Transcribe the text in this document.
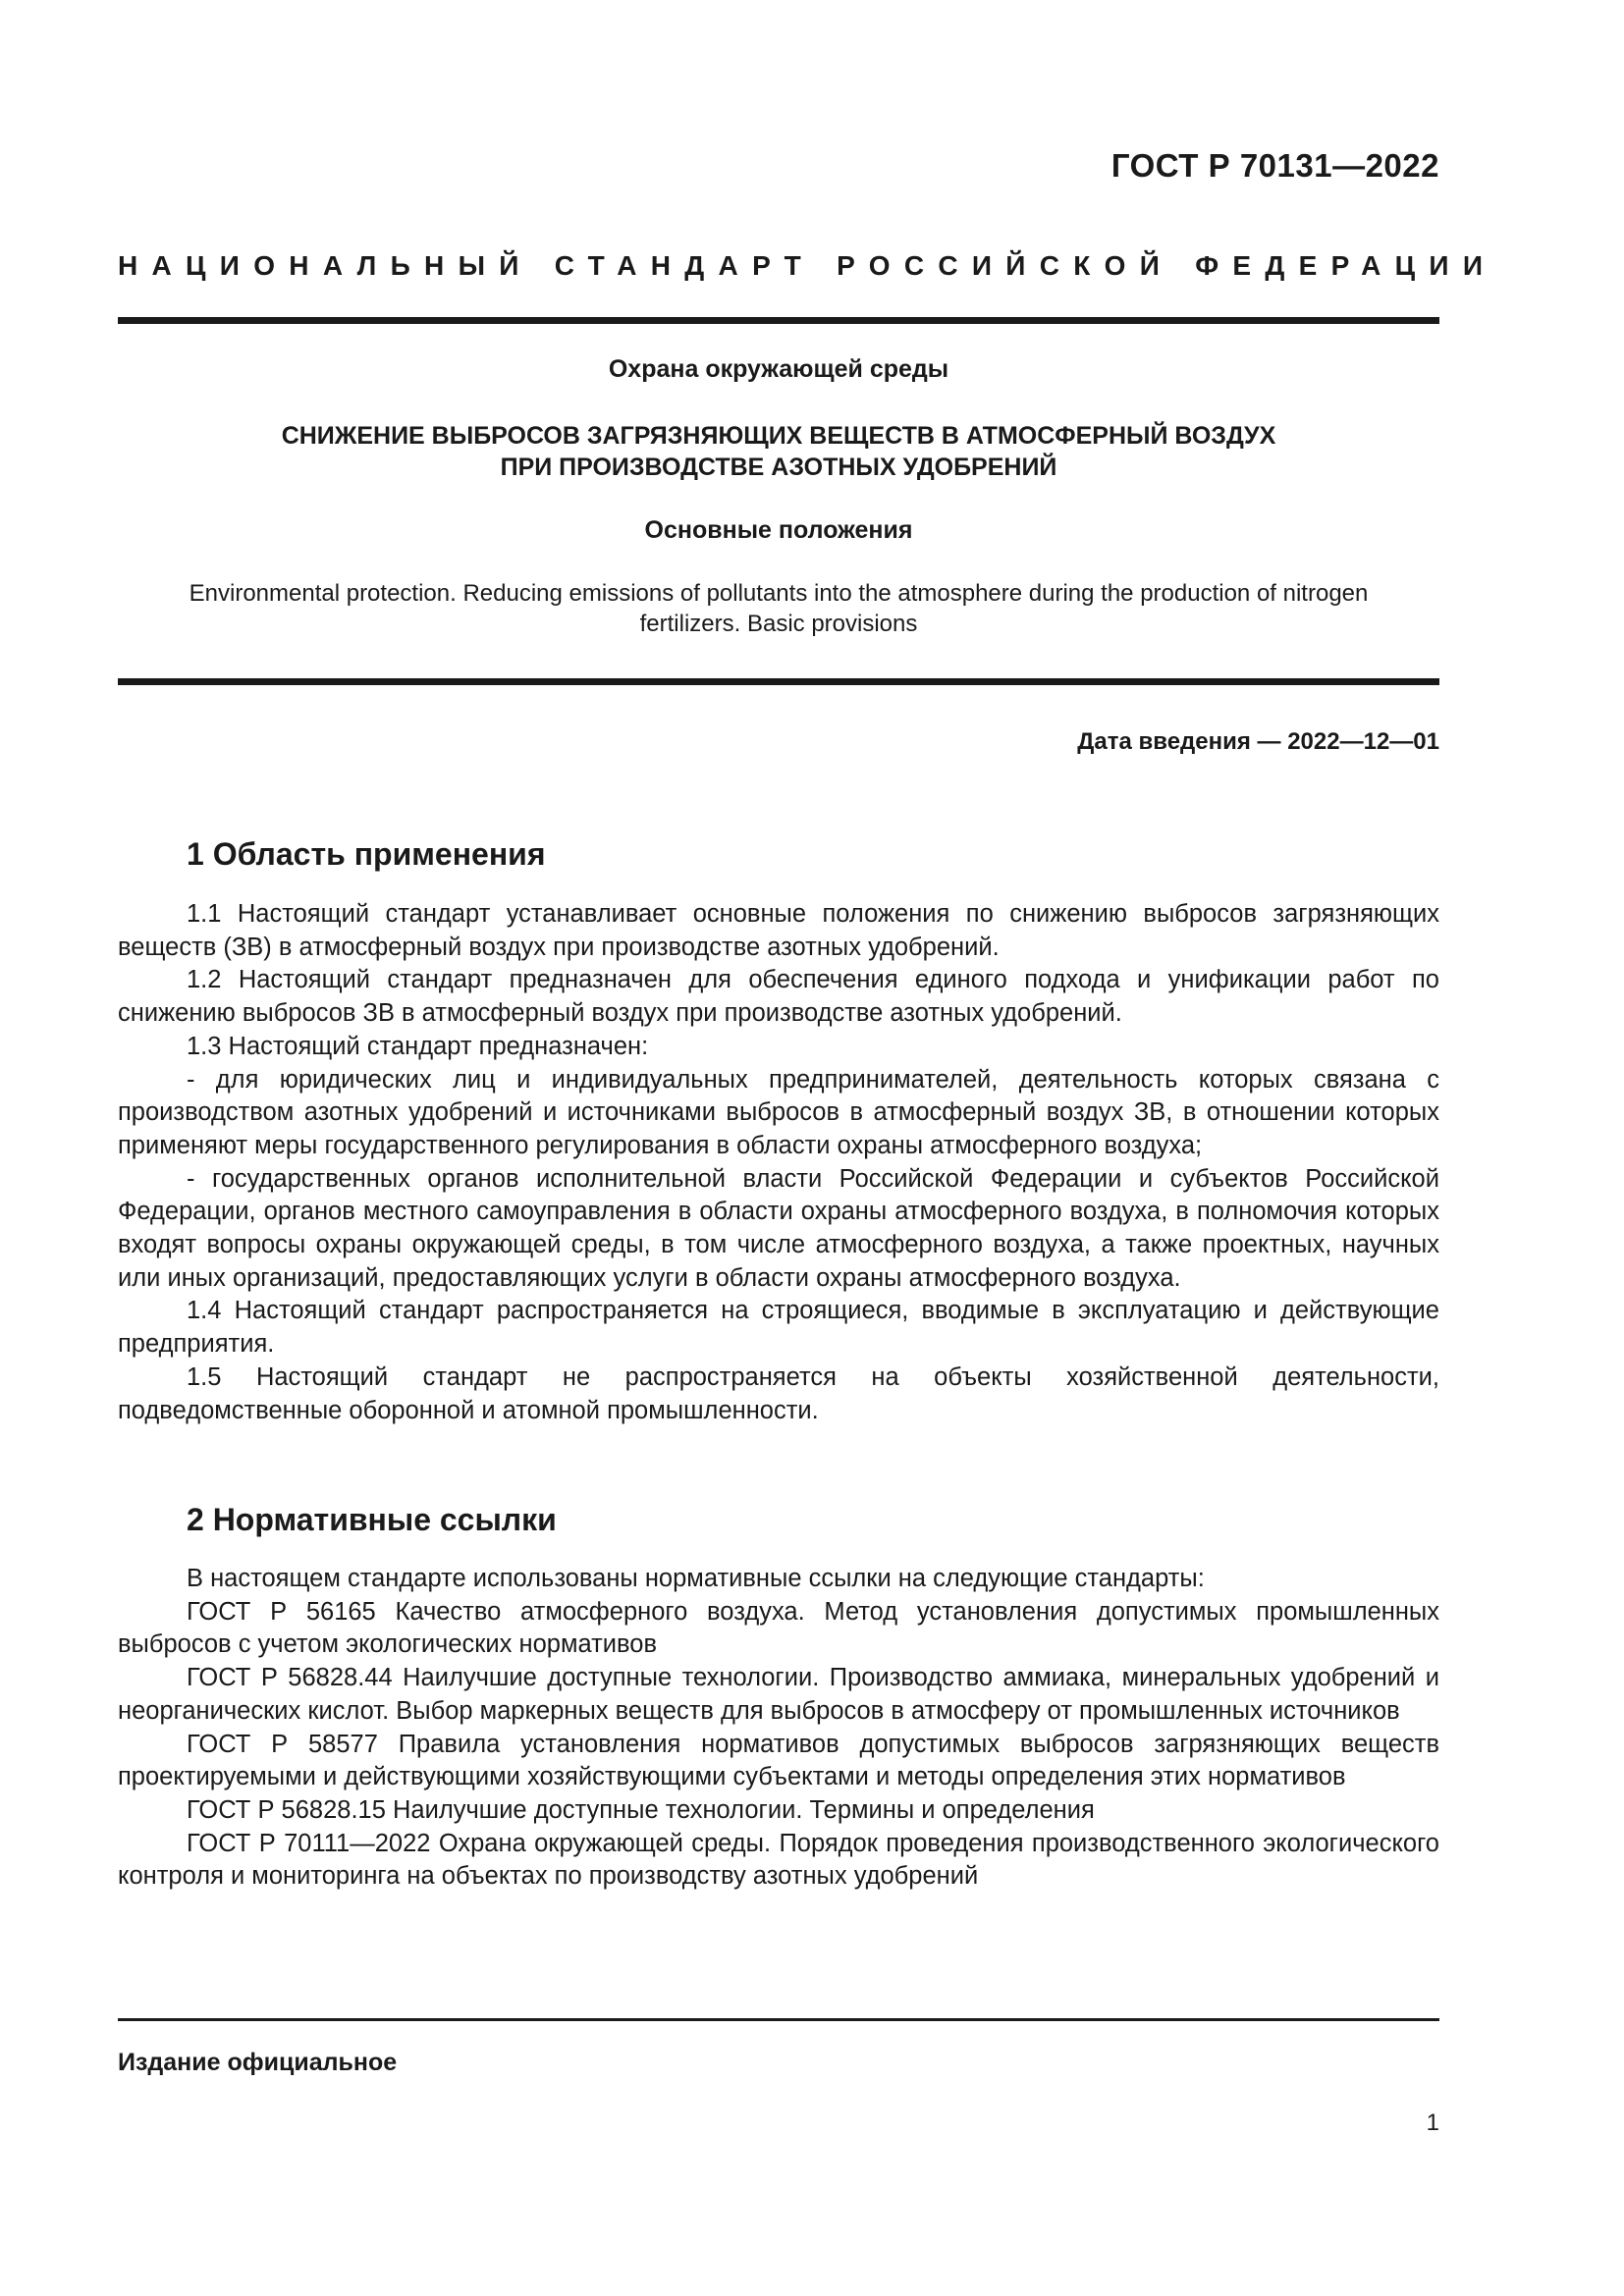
ГОСТ Р 70131—2022
НАЦИОНАЛЬНЫЙ СТАНДАРТ РОССИЙСКОЙ ФЕДЕРАЦИИ
Охрана окружающей среды
СНИЖЕНИЕ ВЫБРОСОВ ЗАГРЯЗНЯЮЩИХ ВЕЩЕСТВ В АТМОСФЕРНЫЙ ВОЗДУХ
ПРИ ПРОИЗВОДСТВЕ АЗОТНЫХ УДОБРЕНИЙ
Основные положения
Environmental protection. Reducing emissions of pollutants into the atmosphere during the production of nitrogen
fertilizers. Basic provisions
Дата введения — 2022—12—01
1 Область применения

1.1 Настоящий стандарт устанавливает основные положения по снижению выбросов загрязняющих веществ (ЗВ) в атмосферный воздух при производстве азотных удобрений.

1.2 Настоящий стандарт предназначен для обеспечения единого подхода и унификации работ по снижению выбросов ЗВ в атмосферный воздух при производстве азотных удобрений.

1.3 Настоящий стандарт предназначен:

- для юридических лиц и индивидуальных предпринимателей, деятельность которых связана с производством азотных удобрений и источниками выбросов в атмосферный воздух ЗВ, в отношении которых применяют меры государственного регулирования в области охраны атмосферного воздуха;

- государственных органов исполнительной власти Российской Федерации и субъектов Российской Федерации, органов местного самоуправления в области охраны атмосферного воздуха, в полномочия которых входят вопросы охраны окружающей среды, в том числе атмосферного воздуха, а также проектных, научных или иных организаций, предоставляющих услуги в области охраны атмосферного воздуха.

1.4 Настоящий стандарт распространяется на строящиеся, вводимые в эксплуатацию и действующие предприятия.

1.5 Настоящий стандарт не распространяется на объекты хозяйственной деятельности, подведомственные оборонной и атомной промышленности.

2 Нормативные ссылки

В настоящем стандарте использованы нормативные ссылки на следующие стандарты:

ГОСТ Р 56165 Качество атмосферного воздуха. Метод установления допустимых промышленных выбросов с учетом экологических нормативов

ГОСТ Р 56828.44 Наилучшие доступные технологии. Производство аммиака, минеральных удобрений и неорганических кислот. Выбор маркерных веществ для выбросов в атмосферу от промышленных источников

ГОСТ Р 58577 Правила установления нормативов допустимых выбросов загрязняющих веществ проектируемыми и действующими хозяйствующими субъектами и методы определения этих нормативов

ГОСТ Р 56828.15 Наилучшие доступные технологии. Термины и определения

ГОСТ Р 70111—2022 Охрана окружающей среды. Порядок проведения производственного экологического контроля и мониторинга на объектах по производству азотных удобрений

Издание официальное
1
